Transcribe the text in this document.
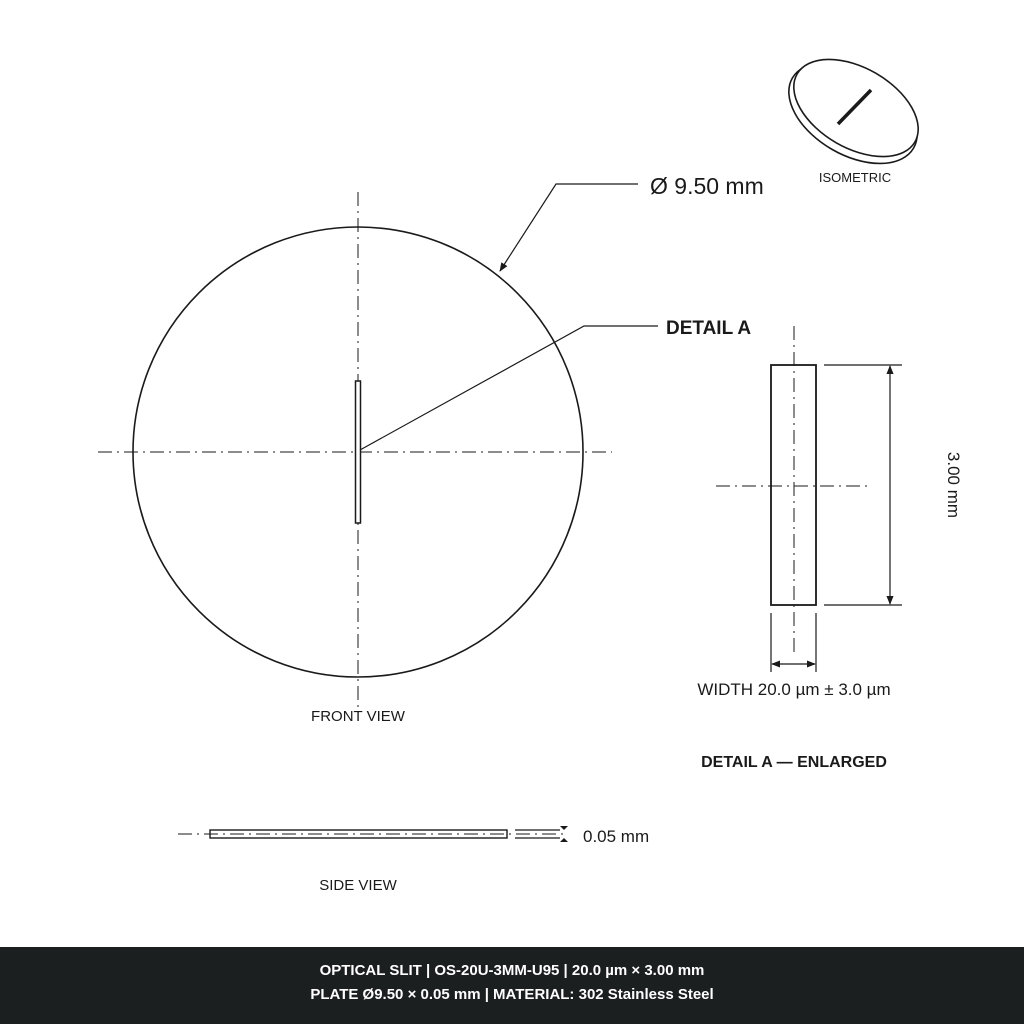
FRONT VIEW
Ø 9.50 mm
DETAIL A
ISOMETRIC
3.00 mm
WIDTH 20.0 µm ± 3.0 µm
DETAIL A — ENLARGED
0.05 mm
SIDE VIEW
OPTICAL SLIT | OS-20U-3MM-U95 | 20.0 µm × 3.00 mm
PLATE Ø9.50 × 0.05 mm | MATERIAL: 302 Stainless Steel
